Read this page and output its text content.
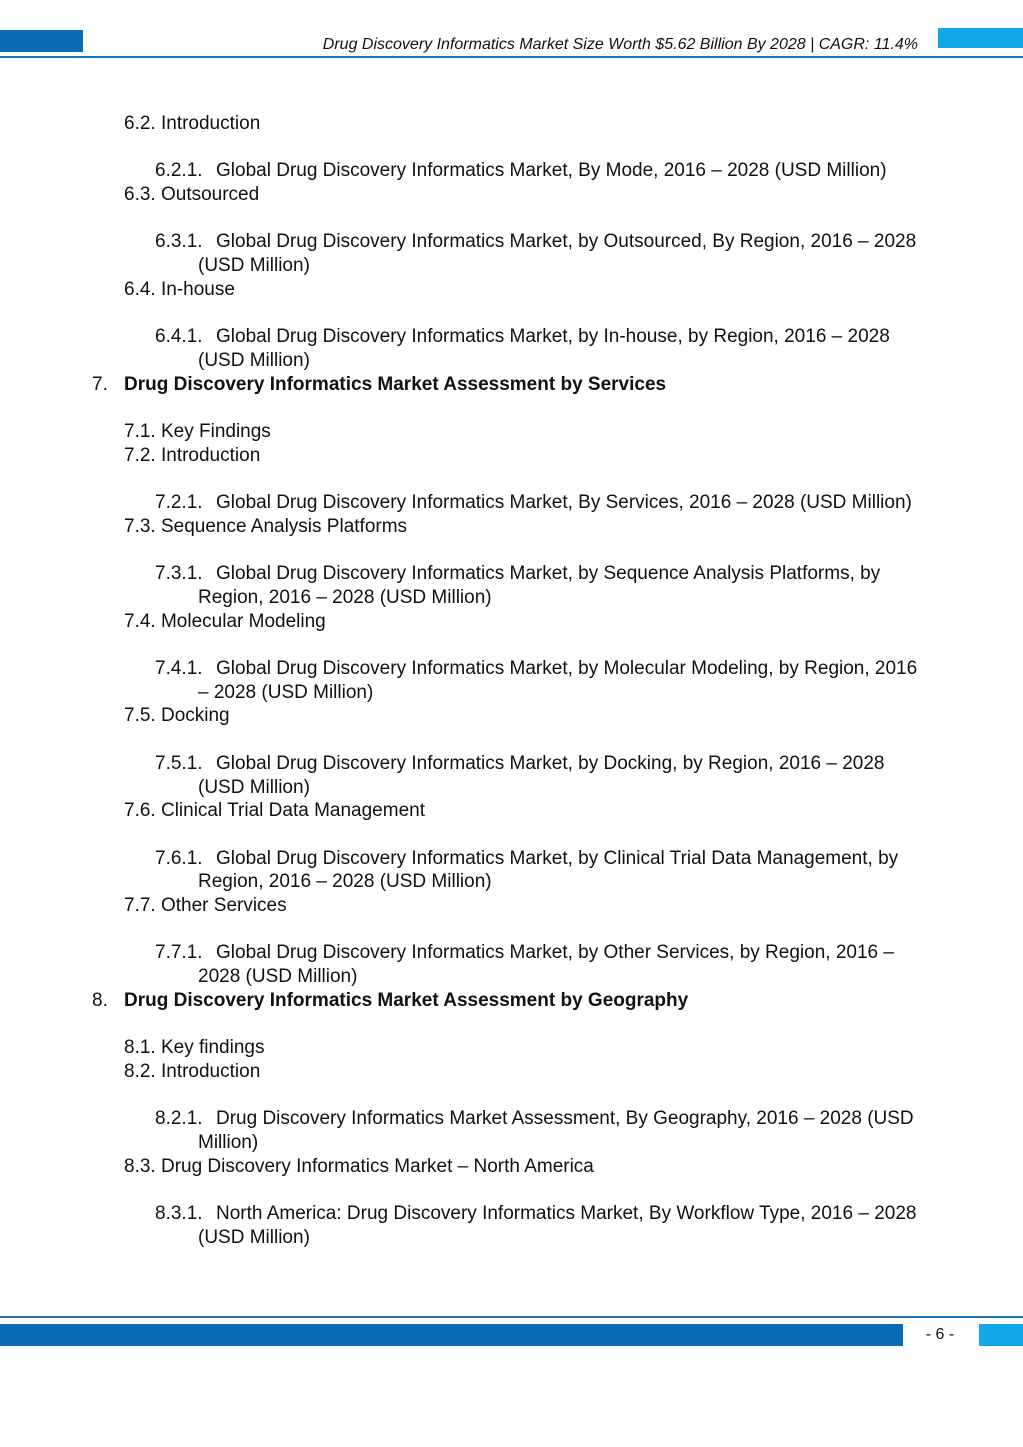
Drug Discovery Informatics Market Size Worth $5.62 Billion By 2028 | CAGR: 11.4%
6.2. Introduction
6.2.1. Global Drug Discovery Informatics Market, By Mode, 2016 – 2028 (USD Million)
6.3. Outsourced
6.3.1. Global Drug Discovery Informatics Market, by Outsourced, By Region, 2016 – 2028 (USD Million)
6.4. In-house
6.4.1. Global Drug Discovery Informatics Market, by In-house, by Region, 2016 – 2028 (USD Million)
7. Drug Discovery Informatics Market Assessment by Services
7.1. Key Findings
7.2. Introduction
7.2.1. Global Drug Discovery Informatics Market, By Services, 2016 – 2028 (USD Million)
7.3. Sequence Analysis Platforms
7.3.1. Global Drug Discovery Informatics Market, by Sequence Analysis Platforms, by Region, 2016 – 2028 (USD Million)
7.4. Molecular Modeling
7.4.1. Global Drug Discovery Informatics Market, by Molecular Modeling, by Region, 2016 – 2028 (USD Million)
7.5. Docking
7.5.1. Global Drug Discovery Informatics Market, by Docking, by Region, 2016 – 2028 (USD Million)
7.6. Clinical Trial Data Management
7.6.1. Global Drug Discovery Informatics Market, by Clinical Trial Data Management, by Region, 2016 – 2028 (USD Million)
7.7. Other Services
7.7.1. Global Drug Discovery Informatics Market, by Other Services, by Region, 2016 – 2028 (USD Million)
8. Drug Discovery Informatics Market Assessment by Geography
8.1. Key findings
8.2. Introduction
8.2.1. Drug Discovery Informatics Market Assessment, By Geography, 2016 – 2028 (USD Million)
8.3. Drug Discovery Informatics Market – North America
8.3.1. North America: Drug Discovery Informatics Market, By Workflow Type, 2016 – 2028 (USD Million)
- 6 -
